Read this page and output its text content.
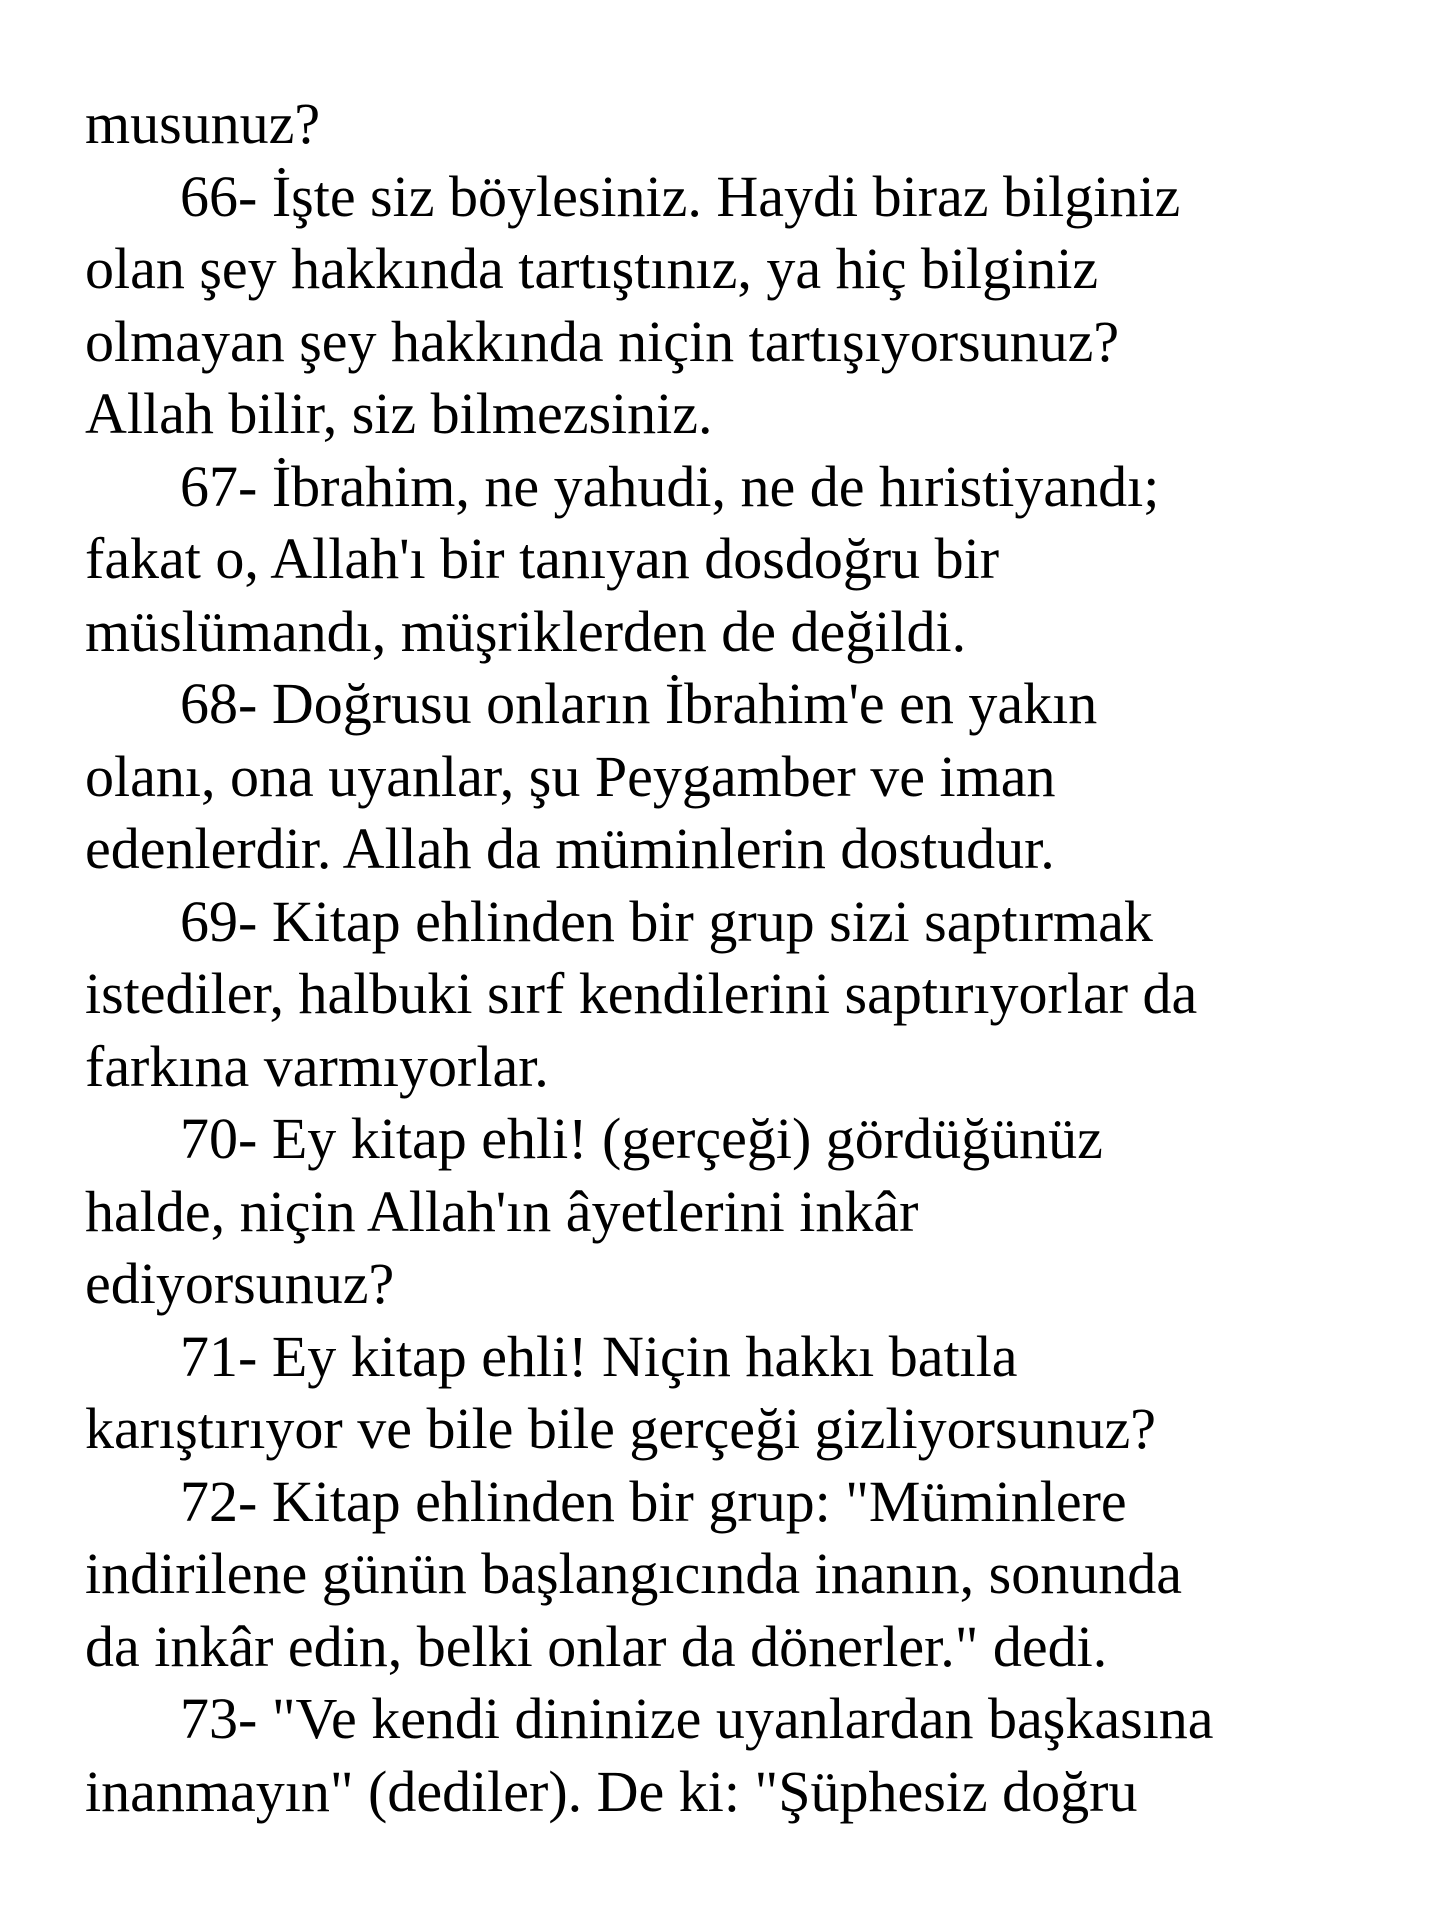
musunuz?
66- İşte siz böylesiniz. Haydi biraz bilginiz
olan şey hakkında tartıştınız, ya hiç bilginiz
olmayan şey hakkında niçin tartışıyorsunuz?
Allah bilir, siz bilmezsiniz.
67- İbrahim, ne yahudi, ne de hıristiyandı;
fakat o, Allah'ı bir tanıyan dosdoğru bir
müslümandı, müşriklerden de değildi.
68- Doğrusu onların İbrahim'e en yakın
olanı, ona uyanlar, şu Peygamber ve iman
edenlerdir. Allah da müminlerin dostudur.
69- Kitap ehlinden bir grup sizi saptırmak
istediler, halbuki sırf kendilerini saptırıyorlar da
farkına varmıyorlar.
70- Ey kitap ehli! (gerçeği) gördüğünüz
halde, niçin Allah'ın âyetlerini inkâr
ediyorsunuz?
71- Ey kitap ehli! Niçin hakkı batıla
karıştırıyor ve bile bile gerçeği gizliyorsunuz?
72- Kitap ehlinden bir grup: "Müminlere
indirilene günün başlangıcında inanın, sonunda
da inkâr edin, belki onlar da dönerler." dedi.
73- "Ve kendi dininize uyanlardan başkasına
inanmayın" (dediler). De ki: "Şüphesiz doğru
